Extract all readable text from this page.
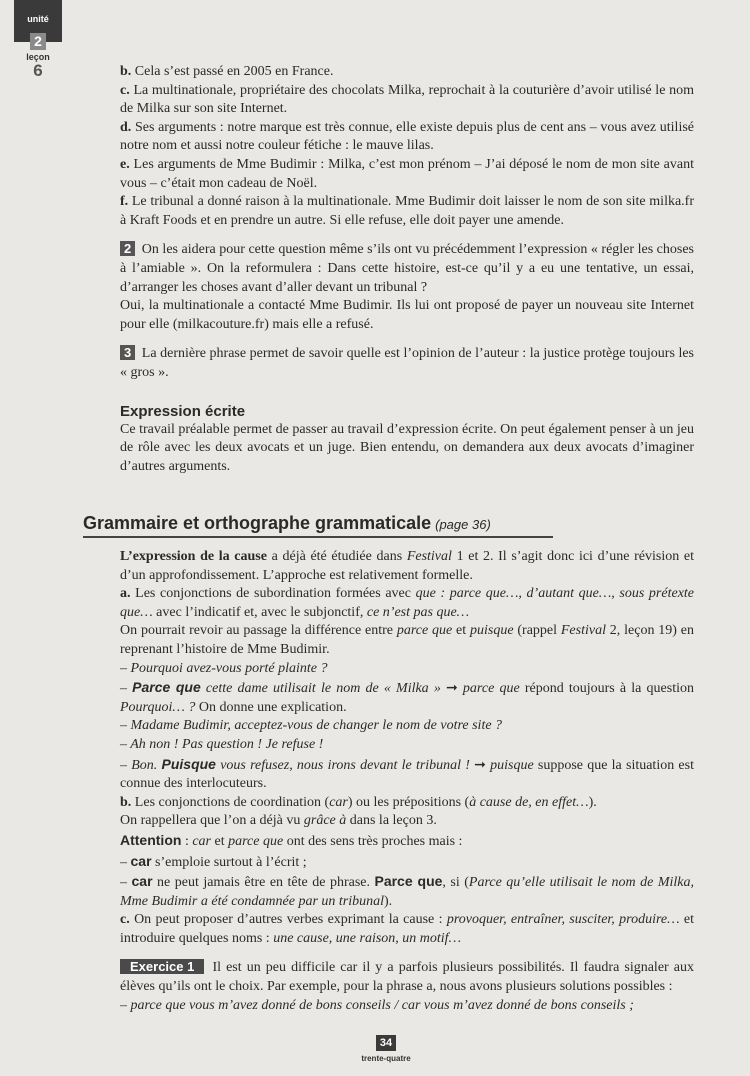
unité
2
leçon
6	b. Cela s’est passé en 2005 en France.

c. La multinationale, propriétaire des chocolats Milka, reprochait à la couturière d’avoir utilisé le nom de Milka sur son site Internet.

d. Ses arguments : notre marque est très connue, elle existe depuis plus de cent ans – vous avez utilisé notre nom et aussi notre couleur fétiche : le mauve lilas.

e. Les arguments de Mme Budimir : Milka, c’est mon prénom – J’ai déposé le nom de mon site avant vous – c’était mon cadeau de Noël.

f. Le tribunal a donné raison à la multinationale. Mme Budimir doit laisser le nom de son site milka.fr à Kraft Foods et en prendre un autre. Si elle refuse, elle doit payer une amende.

2 On les aidera pour cette question même s’ils ont vu précédemment l’expression « régler les choses à l’amiable ». On la reformulera : Dans cette histoire, est-ce qu’il y a eu une tentative, un essai, d’arranger les choses avant d’aller devant un tribunal ?

Oui, la multinationale a contacté Mme Budimir. Ils lui ont proposé de payer un nouveau site Internet pour elle (milkacouture.fr) mais elle a refusé.

3 La dernière phrase permet de savoir quelle est l’opinion de l’auteur : la justice protège toujours les « gros ».

Expression écrite

Ce travail préalable permet de passer au travail d’expression écrite. On peut également penser à un jeu de rôle avec les deux avocats et un juge. Bien entendu, on demandera aux deux avocats d’imaginer d’autres arguments.

Grammaire et orthographe grammaticale (page 36)

L’expression de la cause a déjà été étudiée dans Festival 1 et 2. Il s’agit donc ici d’une révision et d’un approfondissement. L’approche est relativement formelle.

a. Les conjonctions de subordination formées avec que : parce que…, d’autant que…, sous prétexte que… avec l’indicatif et, avec le subjonctif, ce n’est pas que…

On pourrait revoir au passage la différence entre parce que et puisque (rappel Festival 2, leçon 19) en reprenant l’histoire de Mme Budimir.

– Pourquoi avez-vous porté plainte ?

– Parce que cette dame utilisait le nom de « Milka » ➞ parce que répond toujours à la question Pourquoi… ? On donne une explication.

– Madame Budimir, acceptez-vous de changer le nom de votre site ?

– Ah non ! Pas question ! Je refuse !

– Bon. Puisque vous refusez, nous irons devant le tribunal ! ➞ puisque suppose que la situation est connue des interlocuteurs.

b. Les conjonctions de coordination (car) ou les prépositions (à cause de, en effet…).

On rappellera que l’on a déjà vu grâce à dans la leçon 3.

Attention : car et parce que ont des sens très proches mais :

– car s’emploie surtout à l’écrit ;

– car ne peut jamais être en tête de phrase. Parce que, si (Parce qu’elle utilisait le nom de Milka, Mme Budimir a été condamnée par un tribunal).

c. On peut proposer d’autres verbes exprimant la cause : provoquer, entraîner, susciter, produire… et introduire quelques noms : une cause, une raison, un motif…

Exercice 1 Il est un peu difficile car il y a parfois plusieurs possibilités. Il faudra signaler aux élèves qu’ils ont le choix. Par exemple, pour la phrase a, nous avons plusieurs solutions possibles :

– parce que vous m’avez donné de bons conseils / car vous m’avez donné de bons conseils ;

34
trente-quatre
